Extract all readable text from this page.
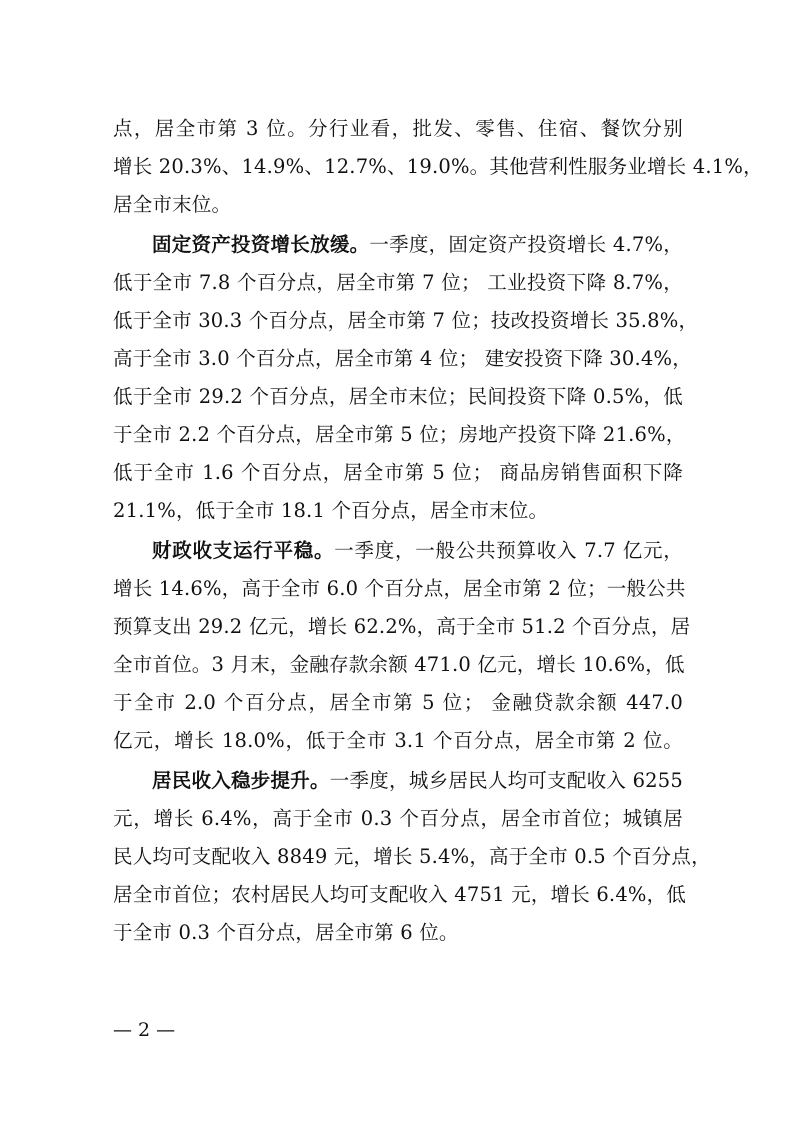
点，居全市第 3 位。分行业看，批发、零售、住宿、餐饮分别
增长 20.3%、14.9%、12.7%、19.0%。其他营利性服务业增长 4.1%，
居全市末位。
固定资产投资增长放缓。一季度，固定资产投资增长 4.7%，
低于全市 7.8 个百分点，居全市第 7 位； 工业投资下降 8.7%，
低于全市 30.3 个百分点，居全市第 7 位；技改投资增长 35.8%，
高于全市 3.0 个百分点，居全市第 4 位； 建安投资下降 30.4%，
低于全市 29.2 个百分点，居全市末位；民间投资下降 0.5%，低
于全市 2.2 个百分点，居全市第 5 位；房地产投资下降 21.6%，
低于全市 1.6 个百分点，居全市第 5 位； 商品房销售面积下降
21.1%，低于全市 18.1 个百分点，居全市末位。
财政收支运行平稳。一季度，一般公共预算收入 7.7 亿元，
增长 14.6%，高于全市 6.0 个百分点，居全市第 2 位；一般公共
预算支出 29.2 亿元，增长 62.2%，高于全市 51.2 个百分点，居
全市首位。3 月末，金融存款余额 471.0 亿元，增长 10.6%，低
于全市 2.0 个百分点，居全市第 5 位； 金融贷款余额 447.0
亿元，增长 18.0%，低于全市 3.1 个百分点，居全市第 2 位。
居民收入稳步提升。一季度，城乡居民人均可支配收入 6255
元，增长 6.4%，高于全市 0.3 个百分点，居全市首位；城镇居
民人均可支配收入 8849 元，增长 5.4%，高于全市 0.5 个百分点，
居全市首位；农村居民人均可支配收入 4751 元，增长 6.4%，低
于全市 0.3 个百分点，居全市第 6 位。
— 2 —
